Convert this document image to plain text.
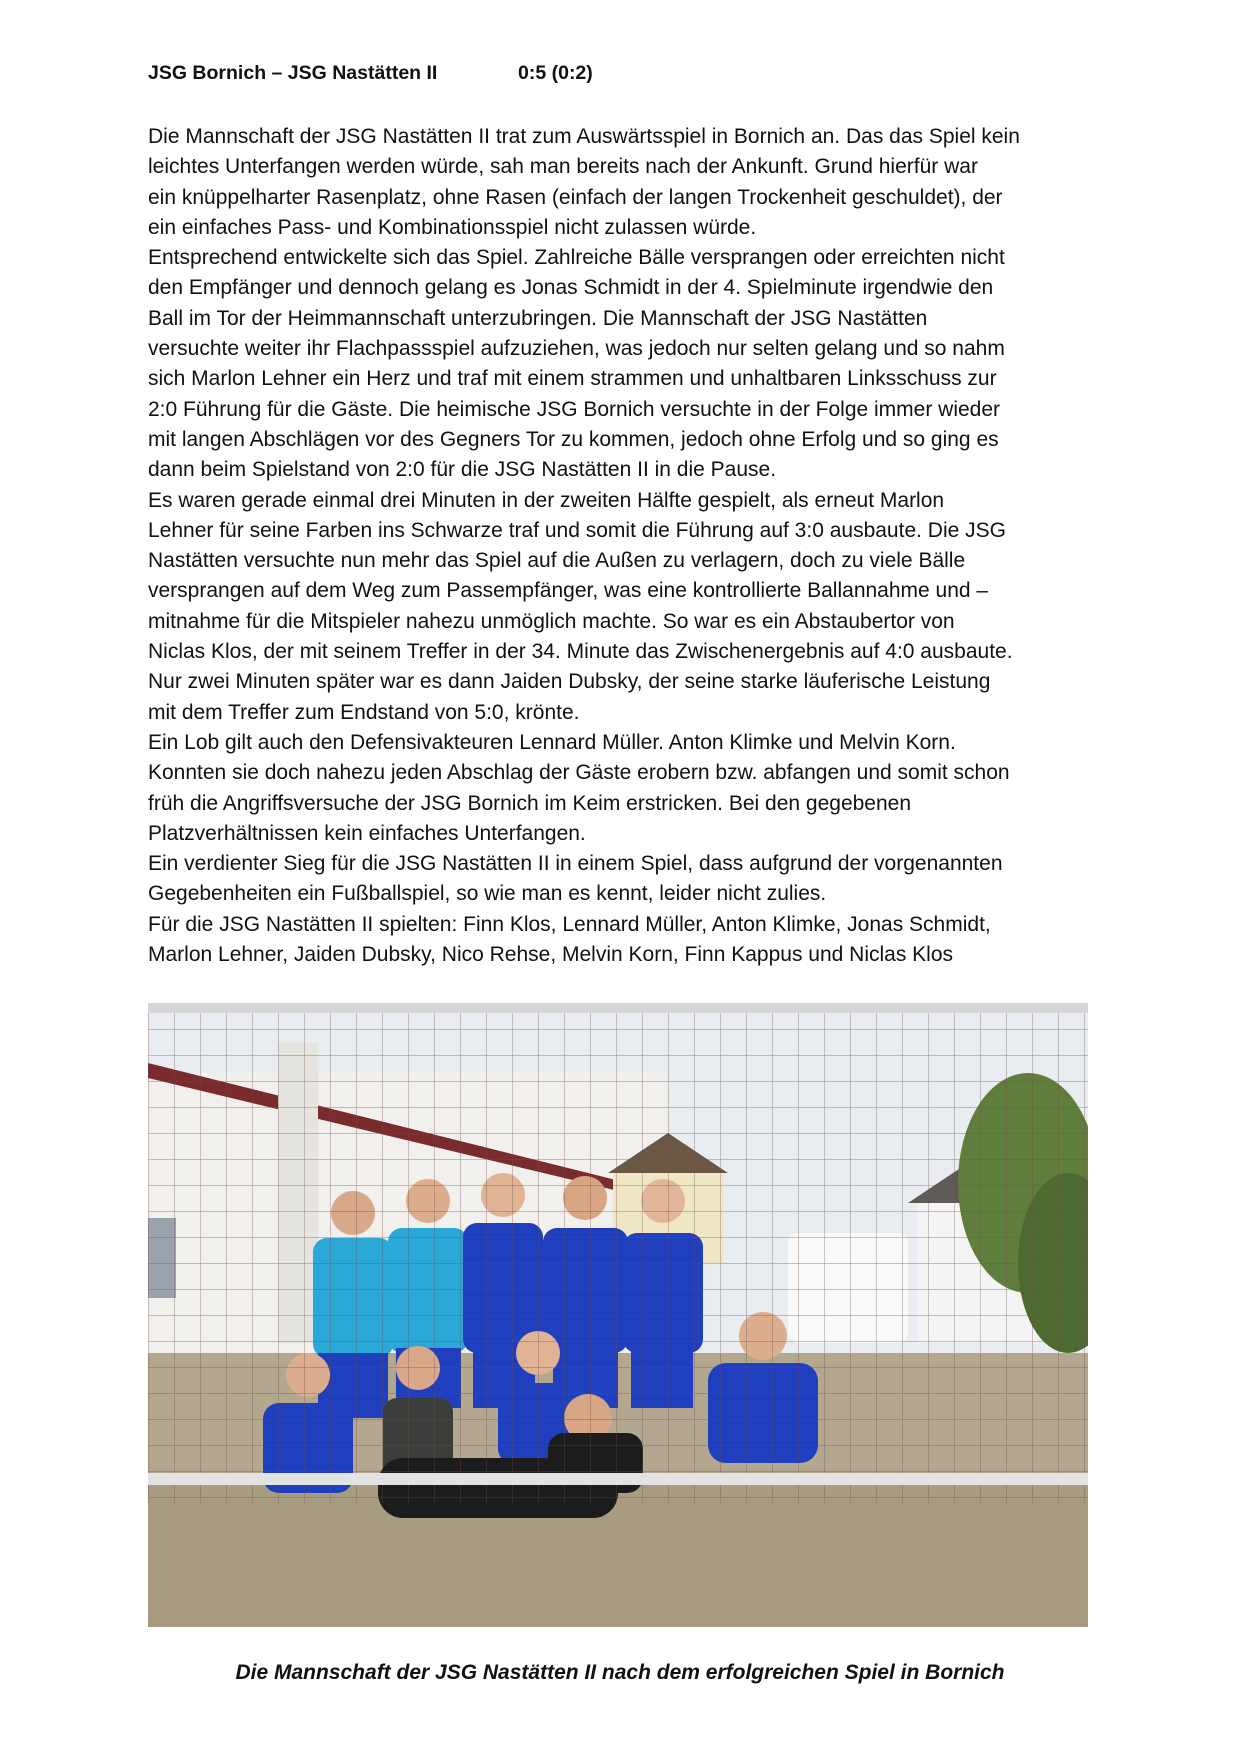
JSG Bornich – JSG Nastätten II	0:5 (0:2)
Die Mannschaft der JSG Nastätten II trat zum Auswärtsspiel in Bornich an. Das das Spiel kein
leichtes Unterfangen werden würde, sah man bereits nach der Ankunft. Grund hierfür war
ein knüppelharter Rasenplatz, ohne Rasen (einfach der langen Trockenheit geschuldet), der
ein einfaches Pass- und Kombinationsspiel nicht zulassen würde.
Entsprechend entwickelte sich das Spiel. Zahlreiche Bälle versprangen oder erreichten nicht
den Empfänger und dennoch gelang es Jonas Schmidt in der 4. Spielminute irgendwie den
Ball im Tor der Heimmannschaft unterzubringen. Die Mannschaft der JSG Nastätten
versuchte weiter ihr Flachpassspiel aufzuziehen, was jedoch nur selten gelang und so nahm
sich Marlon Lehner ein Herz und traf mit einem strammen und unhaltbaren Linksschuss zur
2:0 Führung für die Gäste. Die heimische JSG Bornich versuchte in der Folge immer wieder
mit langen Abschlägen vor des Gegners Tor zu kommen, jedoch ohne Erfolg und so ging es
dann beim Spielstand von 2:0 für die JSG Nastätten II in die Pause.
Es waren gerade einmal drei Minuten in der zweiten Hälfte gespielt, als erneut Marlon
Lehner für seine Farben ins Schwarze traf und somit die Führung auf 3:0 ausbaute. Die JSG
Nastätten versuchte nun mehr das Spiel auf die Außen zu verlagern, doch zu viele Bälle
versprangen auf dem Weg zum Passempfänger, was eine kontrollierte Ballannahme und –
mitnahme für die Mitspieler nahezu unmöglich machte. So war es ein Abstaubertor von
Niclas Klos, der mit seinem Treffer in der 34. Minute das Zwischenergebnis auf 4:0 ausbaute.
Nur zwei Minuten später war es dann Jaiden Dubsky, der seine starke läuferische Leistung
mit dem Treffer zum Endstand von 5:0, krönte.
Ein Lob gilt auch den Defensivakteuren Lennard Müller. Anton Klimke und Melvin Korn.
Konnten sie doch nahezu jeden Abschlag der Gäste erobern bzw. abfangen und somit schon
früh die Angriffsversuche der JSG Bornich im Keim erstricken. Bei den gegebenen
Platzverhältnissen kein einfaches Unterfangen.
Ein verdienter Sieg für die JSG Nastätten II in einem Spiel, dass aufgrund der vorgenannten
Gegebenheiten ein Fußballspiel, so wie man es kennt, leider nicht zulies.
Für die JSG Nastätten II spielten: Finn Klos, Lennard Müller, Anton Klimke, Jonas Schmidt,
Marlon Lehner, Jaiden Dubsky, Nico Rehse, Melvin Korn, Finn Kappus und Niclas Klos
Die Mannschaft der JSG Nastätten II nach dem erfolgreichen Spiel in Bornich
